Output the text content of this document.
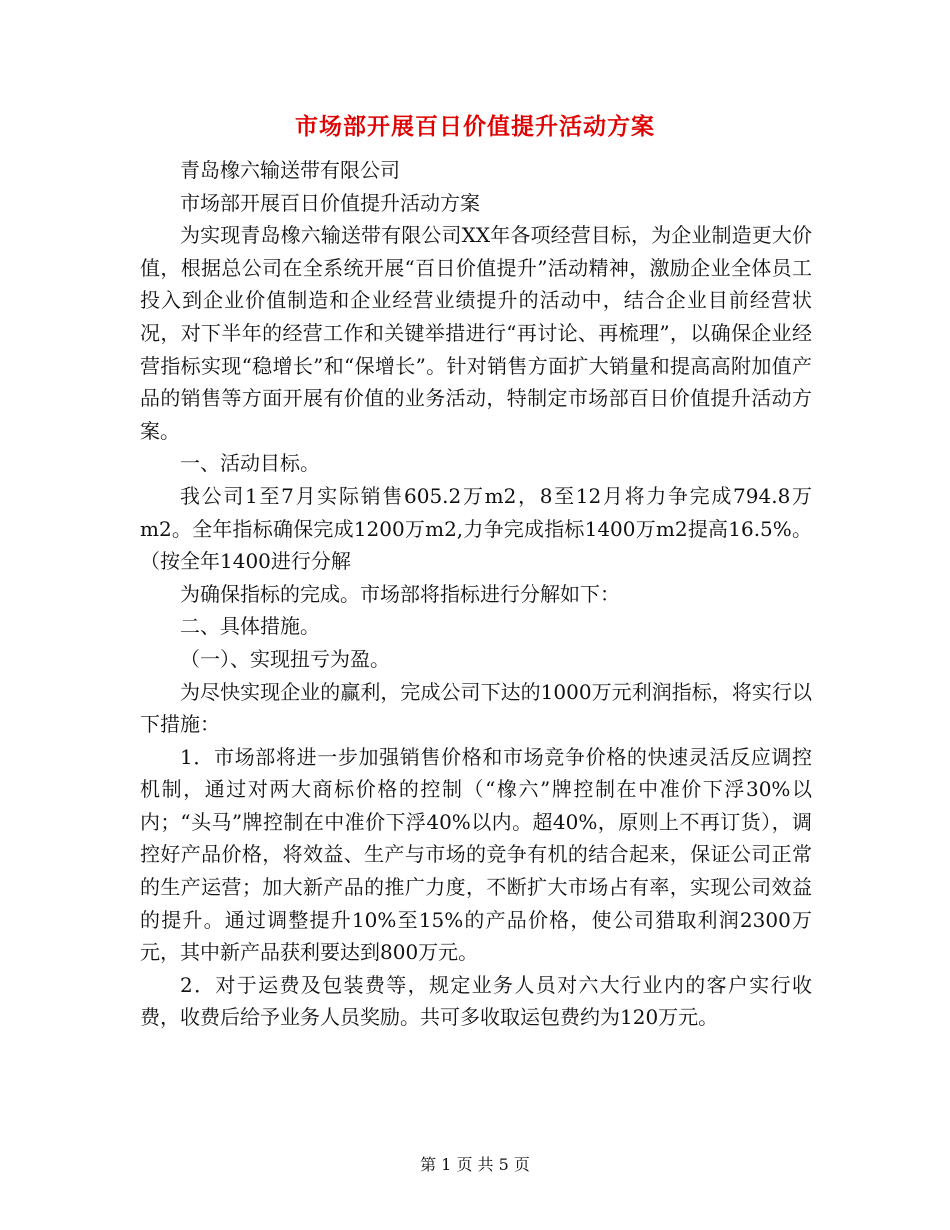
市场部开展百日价值提升活动方案

青岛橡六输送带有限公司

市场部开展百日价值提升活动方案

为实现青岛橡六输送带有限公司XX年各项经营目标，为企业制造更大价值，根据总公司在全系统开展“百日价值提升”活动精神，激励企业全体员工投入到企业价值制造和企业经营业绩提升的活动中，结合企业目前经营状况，对下半年的经营工作和关键举措进行“再讨论、再梳理”，以确保企业经营指标实现“稳增长”和“保增长”。针对销售方面扩大销量和提高高附加值产品的销售等方面开展有价值的业务活动，特制定市场部百日价值提升活动方案。

一、活动目标。

我公司1至7月实际销售605.2万m2，8至12月将力争完成794.8万m2。全年指标确保完成1200万m2,力争完成指标1400万m2提高16.5%。（按全年1400进行分解

为确保指标的完成。市场部将指标进行分解如下：

二、具体措施。

（一）、实现扭亏为盈。

为尽快实现企业的赢利，完成公司下达的1000万元利润指标，将实行以下措施：

1．市场部将进一步加强销售价格和市场竞争价格的快速灵活反应调控机制，通过对两大商标价格的控制（“橡六”牌控制在中准价下浮30%以内；“头马”牌控制在中准价下浮40%以内。超40%，原则上不再订货），调控好产品价格，将效益、生产与市场的竞争有机的结合起来，保证公司正常的生产运营；加大新产品的推广力度，不断扩大市场占有率，实现公司效益的提升。通过调整提升10%至15%的产品价格，使公司猎取利润2300万元，其中新产品获利要达到800万元。

2．对于运费及包装费等，规定业务人员对六大行业内的客户实行收费，收费后给予业务人员奖励。共可多收取运包费约为120万元。

第 1 页 共 5 页
